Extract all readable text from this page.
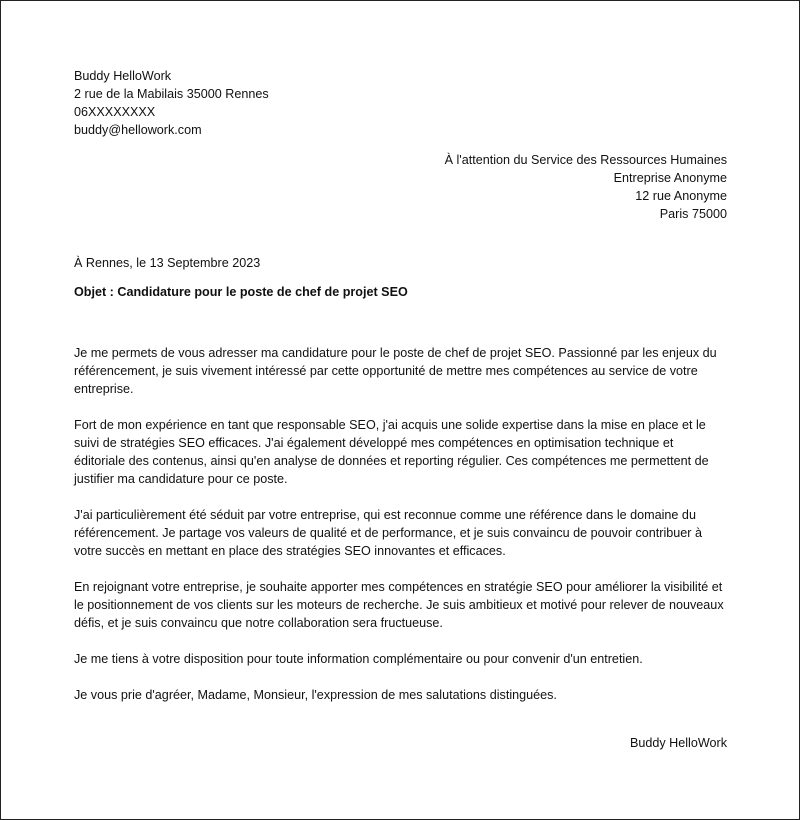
Buddy HelloWork

2 rue de la Mabilais 35000 Rennes

06XXXXXXXX

buddy@hellowork.com

À l'attention du Service des Ressources Humaines

Entreprise Anonyme

12 rue Anonyme

Paris 75000

À Rennes, le 13 Septembre 2023

Objet : Candidature pour le poste de chef de projet SEO

Je me permets de vous adresser ma candidature pour le poste de chef de projet SEO. Passionné par les enjeux du référencement, je suis vivement intéressé par cette opportunité de mettre mes compétences au service de votre entreprise.

Fort de mon expérience en tant que responsable SEO, j'ai acquis une solide expertise dans la mise en place et le suivi de stratégies SEO efficaces. J'ai également développé mes compétences en optimisation technique et éditoriale des contenus, ainsi qu'en analyse de données et reporting régulier. Ces compétences me permettent de justifier ma candidature pour ce poste.

J'ai particulièrement été séduit par votre entreprise, qui est reconnue comme une référence dans le domaine du référencement. Je partage vos valeurs de qualité et de performance, et je suis convaincu de pouvoir contribuer à votre succès en mettant en place des stratégies SEO innovantes et efficaces.

En rejoignant votre entreprise, je souhaite apporter mes compétences en stratégie SEO pour améliorer la visibilité et le positionnement de vos clients sur les moteurs de recherche. Je suis ambitieux et motivé pour relever de nouveaux défis, et je suis convaincu que notre collaboration sera fructueuse.

Je me tiens à votre disposition pour toute information complémentaire ou pour convenir d'un entretien.

Je vous prie d'agréer, Madame, Monsieur, l'expression de mes salutations distinguées.

Buddy HelloWork
